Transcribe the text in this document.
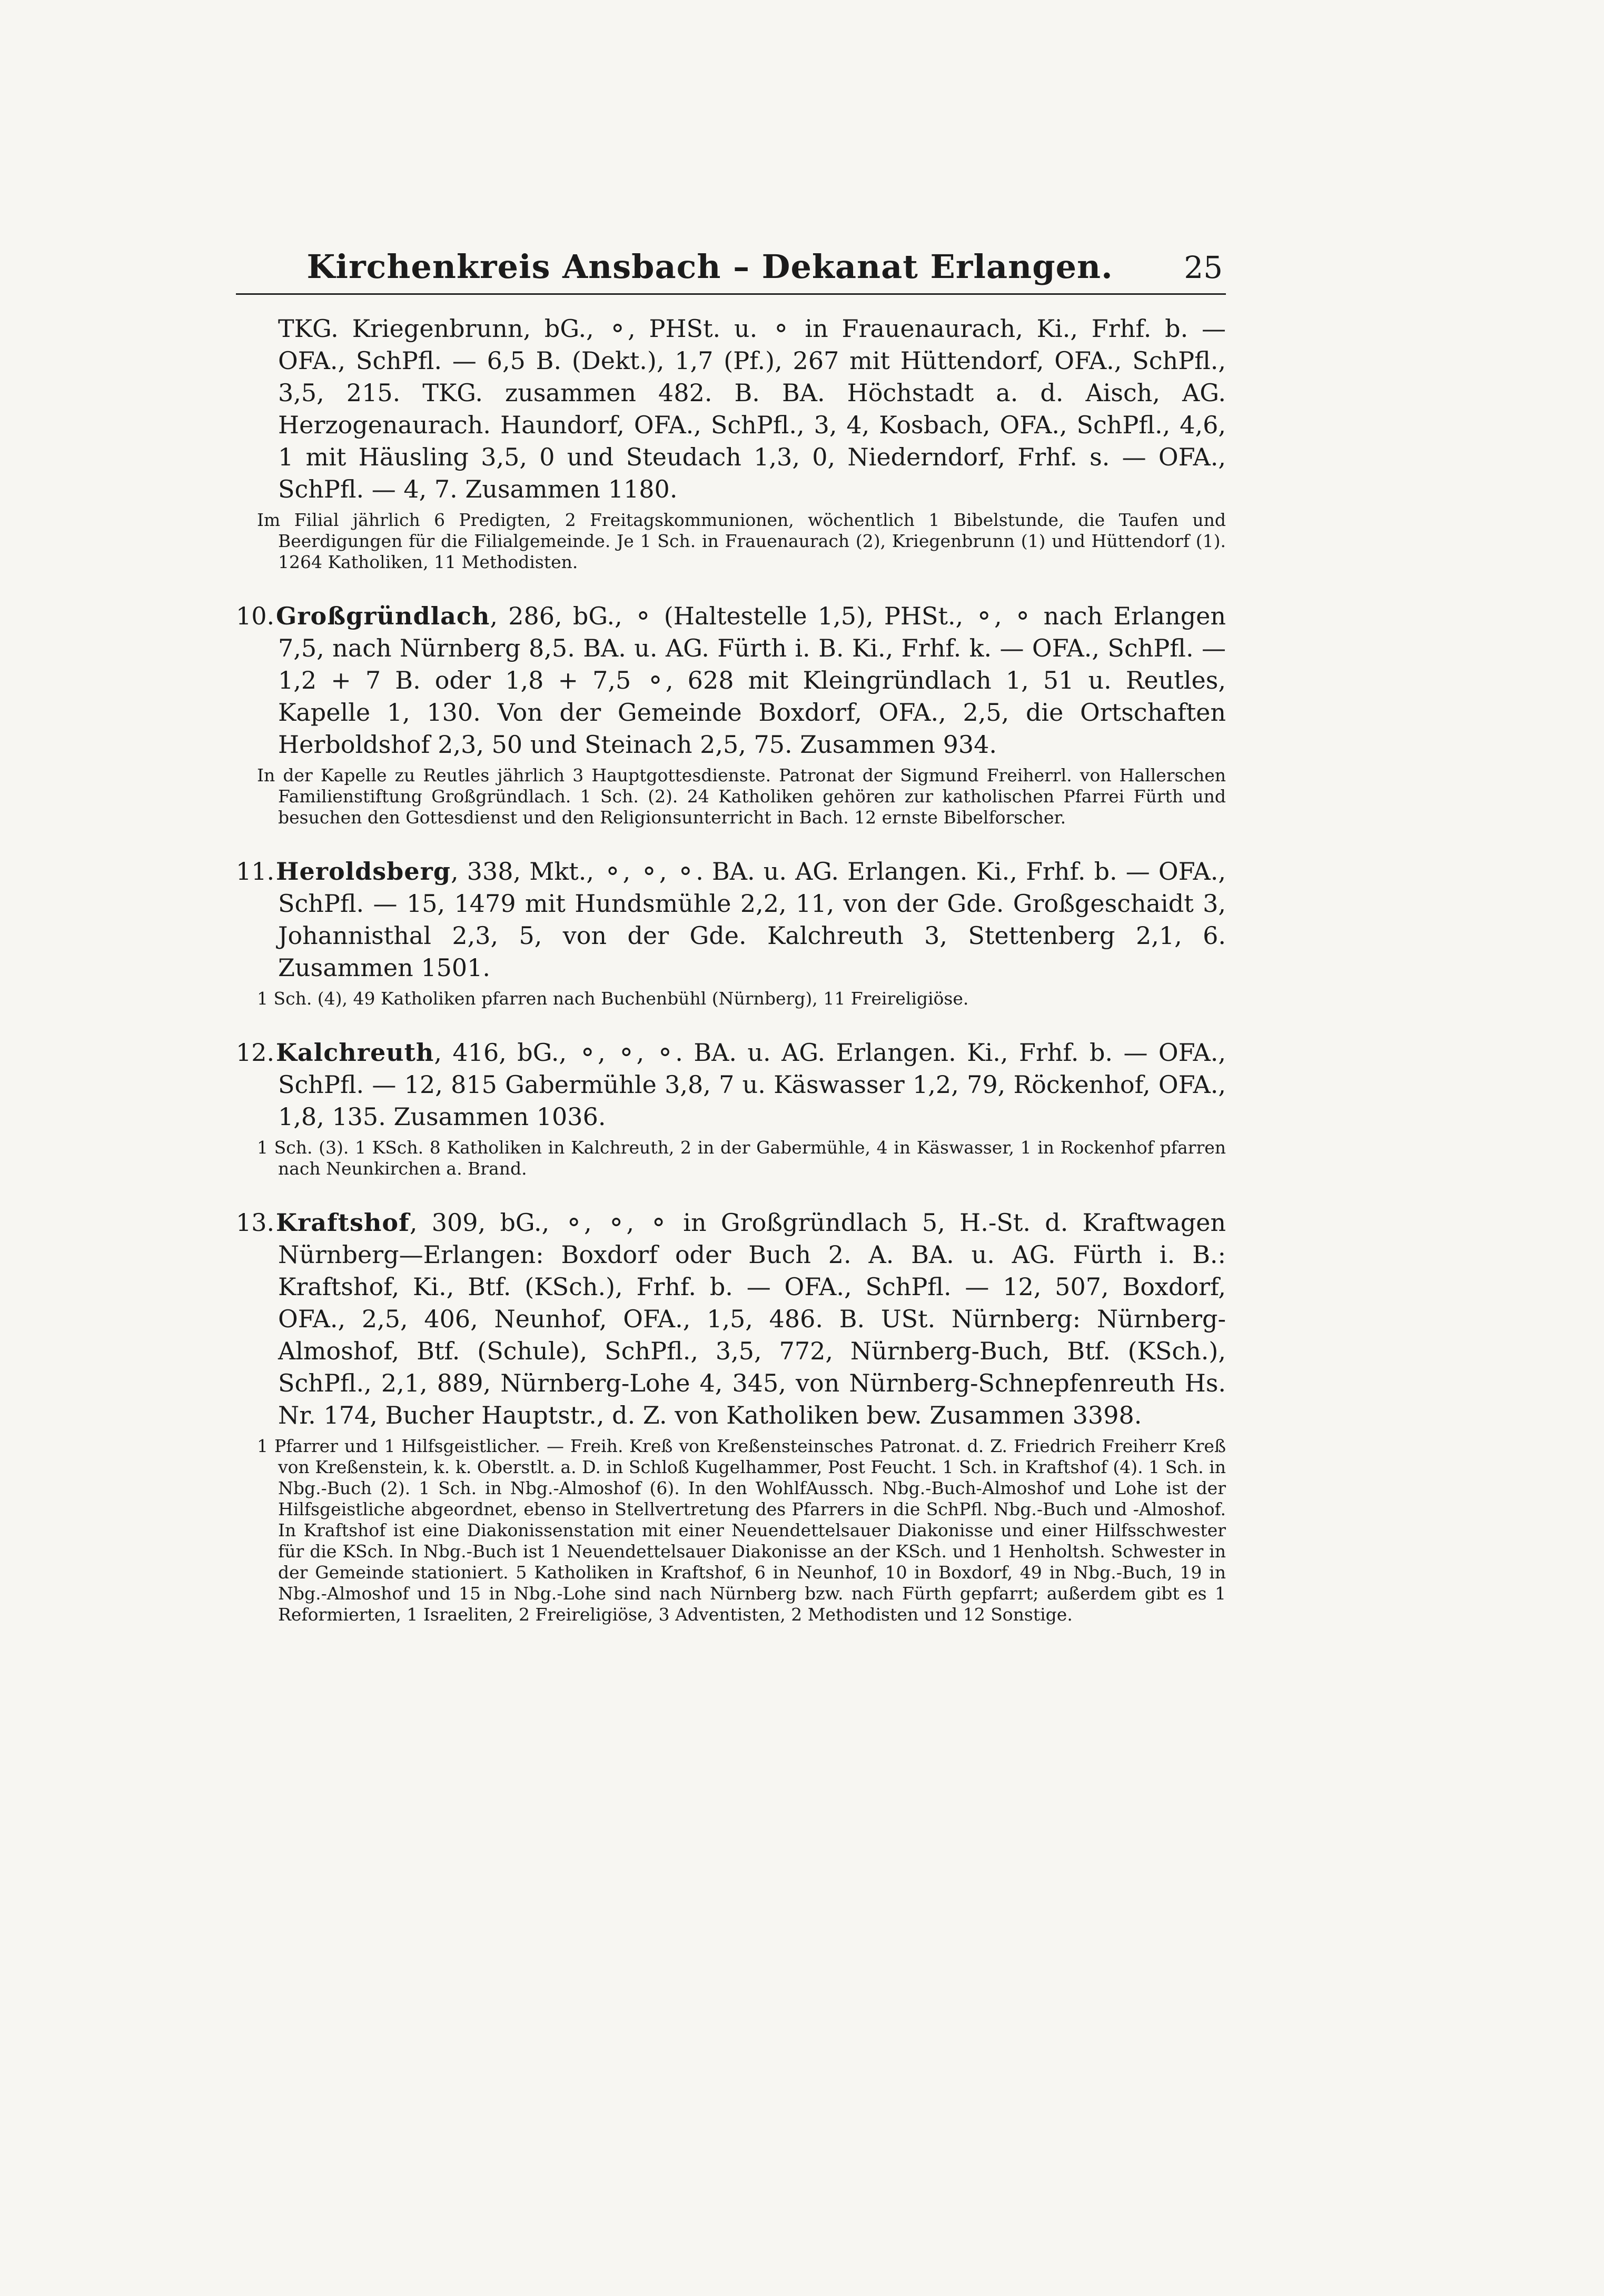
Kirchenkreis Ansbach – Dekanat Erlangen.	25
TKG. Kriegenbrunn, bG., ⚬, PHSt. u. ⚬ in Frauenaurach, Ki., Frhf. b. — OFA., SchPfl. — 6,5 B. (Dekt.), 1,7 (Pf.), 267 mit Hüttendorf, OFA., SchPfl., 3,5, 215. TKG. zusammen 482. B. BA. Höchstadt a. d. Aisch, AG. Herzogenaurach. Haundorf, OFA., SchPfl., 3, 4, Kosbach, OFA., SchPfl., 4,6, 1 mit Häusling 3,5, 0 und Steudach 1,3, 0, Niederndorf, Frhf. s. — OFA., SchPfl. — 4, 7. Zusammen 1180.
Im Filial jährlich 6 Predigten, 2 Freitagskommunionen, wöchentlich 1 Bibelstunde, die Taufen und Beerdigungen für die Filialgemeinde. Je 1 Sch. in Frauenaurach (2), Kriegenbrunn (1) und Hüttendorf (1). 1264 Katholiken, 11 Methodisten.
10.Großgründlach, 286, bG., ⚬ (Haltestelle 1,5), PHSt., ⚬, ⚬ nach Erlangen 7,5, nach Nürnberg 8,5. BA. u. AG. Fürth i. B. Ki., Frhf. k. — OFA., SchPfl. — 1,2 + 7 B. oder 1,8 + 7,5 ⚬, 628 mit Kleingründlach 1, 51 u. Reutles, Kapelle 1, 130. Von der Gemeinde Boxdorf, OFA., 2,5, die Ortschaften Herboldshof 2,3, 50 und Steinach 2,5, 75. Zusammen 934.
In der Kapelle zu Reutles jährlich 3 Hauptgottesdienste. Patronat der Sigmund Freiherrl. von Hallerschen Familienstiftung Großgründlach. 1 Sch. (2). 24 Katholiken gehören zur katholischen Pfarrei Fürth und besuchen den Gottesdienst und den Religionsunterricht in Bach. 12 ernste Bibelforscher.
11.Heroldsberg, 338, Mkt., ⚬, ⚬, ⚬. BA. u. AG. Erlangen. Ki., Frhf. b. — OFA., SchPfl. — 15, 1479 mit Hundsmühle 2,2, 11, von der Gde. Großgeschaidt 3, Johannisthal 2,3, 5, von der Gde. Kalchreuth 3, Stettenberg 2,1, 6. Zusammen 1501.
1 Sch. (4), 49 Katholiken pfarren nach Buchenbühl (Nürnberg), 11 Freireligiöse.
12.Kalchreuth, 416, bG., ⚬, ⚬, ⚬. BA. u. AG. Erlangen. Ki., Frhf. b. — OFA., SchPfl. — 12, 815 Gabermühle 3,8, 7 u. Käswasser 1,2, 79, Röckenhof, OFA., 1,8, 135. Zusammen 1036.
1 Sch. (3). 1 KSch. 8 Katholiken in Kalchreuth, 2 in der Gabermühle, 4 in Käswasser, 1 in Rockenhof pfarren nach Neunkirchen a. Brand.
13.Kraftshof, 309, bG., ⚬, ⚬, ⚬ in Großgründlach 5, H.-St. d. Kraftwagen Nürnberg—Erlangen: Boxdorf oder Buch 2. A. BA. u. AG. Fürth i. B.: Kraftshof, Ki., Btf. (KSch.), Frhf. b. — OFA., SchPfl. — 12, 507, Boxdorf, OFA., 2,5, 406, Neunhof, OFA., 1,5, 486. B. USt. Nürnberg: Nürnberg-Almoshof, Btf. (Schule), SchPfl., 3,5, 772, Nürnberg-Buch, Btf. (KSch.), SchPfl., 2,1, 889, Nürnberg-Lohe 4, 345, von Nürnberg-Schnepfenreuth Hs. Nr. 174, Bucher Hauptstr., d. Z. von Katholiken bew. Zusammen 3398.
1 Pfarrer und 1 Hilfsgeistlicher. — Freih. Kreß von Kreßensteinsches Patronat. d. Z. Friedrich Freiherr Kreß von Kreßenstein, k. k. Oberstlt. a. D. in Schloß Kugelhammer, Post Feucht. 1 Sch. in Kraftshof (4). 1 Sch. in Nbg.-Buch (2). 1 Sch. in Nbg.-Almoshof (6). In den WohlfAussch. Nbg.-Buch-Almoshof und Lohe ist der Hilfsgeistliche abgeordnet, ebenso in Stellvertretung des Pfarrers in die SchPfl. Nbg.-Buch und -Almoshof. In Kraftshof ist eine Diakonissenstation mit einer Neuendettelsauer Diakonisse und einer Hilfsschwester für die KSch. In Nbg.-Buch ist 1 Neuendettelsauer Diakonisse an der KSch. und 1 Henholtsh. Schwester in der Gemeinde stationiert. 5 Katholiken in Kraftshof, 6 in Neunhof, 10 in Boxdorf, 49 in Nbg.-Buch, 19 in Nbg.-Almoshof und 15 in Nbg.-Lohe sind nach Nürnberg bzw. nach Fürth gepfarrt; außerdem gibt es 1 Reformierten, 1 Israeliten, 2 Freireligiöse, 3 Adventisten, 2 Methodisten und 12 Sonstige.
